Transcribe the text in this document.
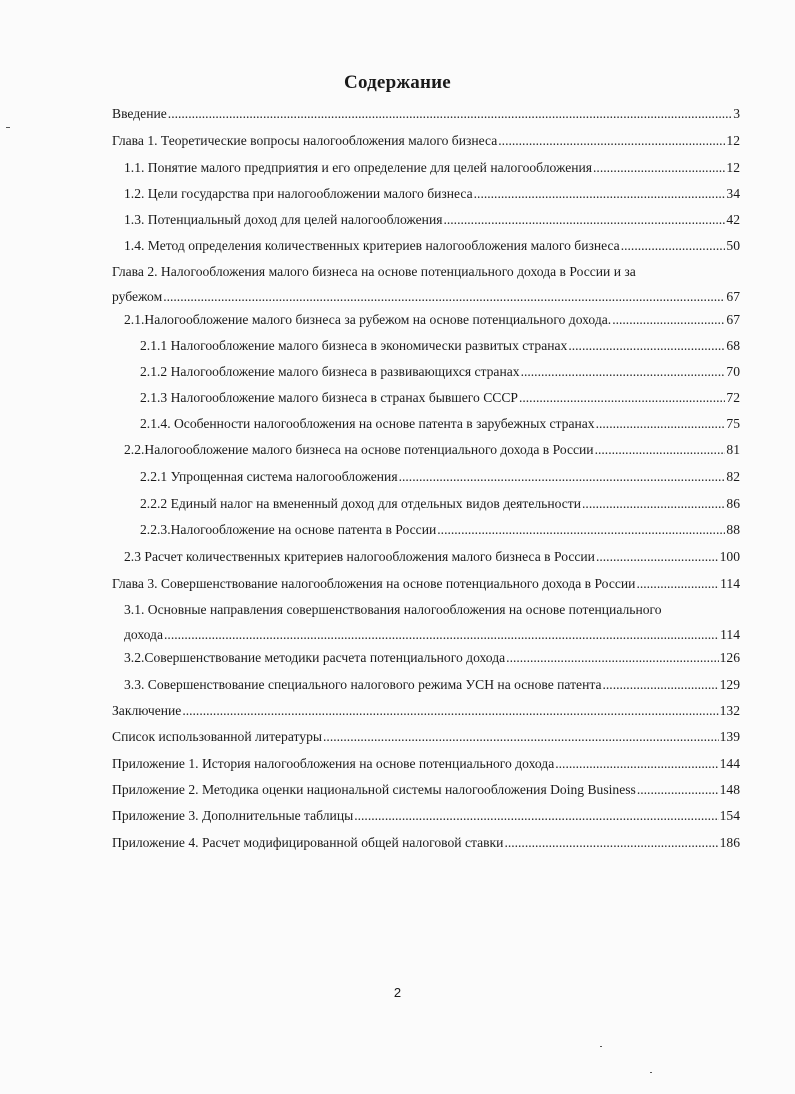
Содержание
Введение .....	3
Глава 1. Теоретические вопросы налогообложения малого бизнеса .....	12
1.1. Понятие малого предприятия и его определение для целей налогообложения .....	12
1.2. Цели государства при налогообложении малого бизнеса .....	34
1.3. Потенциальный доход для целей налогообложения .....	42
1.4. Метод определения количественных критериев налогообложения малого бизнеса .....	50
Глава 2. Налогообложения малого бизнеса на основе потенциального дохода в России и за
рубежом .....	67
2.1.Налогообложение малого бизнеса за рубежом на основе потенциального дохода. .....	67
2.1.1 Налогообложение малого бизнеса в экономически развитых странах .....	68
2.1.2 Налогообложение малого бизнеса в развивающихся странах .....	70
2.1.3 Налогообложение малого бизнеса в странах бывшего СССР .....	72
2.1.4. Особенности налогообложения на основе патента в зарубежных странах .....	75
2.2.Налогообложение малого бизнеса на основе потенциального дохода в России .....	81
2.2.1 Упрощенная система налогообложения .....	82
2.2.2 Единый налог на вмененный доход для отдельных видов деятельности .....	86
2.2.3.Налогообложение на основе патента в России .....	88
2.3 Расчет количественных критериев налогообложения малого бизнеса в России .....	100
Глава 3. Совершенствование налогообложения на основе потенциального дохода в России .....	114
3.1. Основные направления совершенствования налогообложения на основе потенциального
дохода .....	114
3.2.Совершенствование методики расчета потенциального дохода .....	126
3.3. Совершенствование специального налогового режима УСН на основе патента .....	129
Заключение .....	132
Список использованной литературы .....	139
Приложение 1. История налогообложения на основе потенциального дохода .....	144
Приложение 2. Методика оценки национальной системы налогообложения Doing Business .....	148
Приложение 3. Дополнительные таблицы .....	154
Приложение 4. Расчет модифицированной общей налоговой ставки .....	186
2
